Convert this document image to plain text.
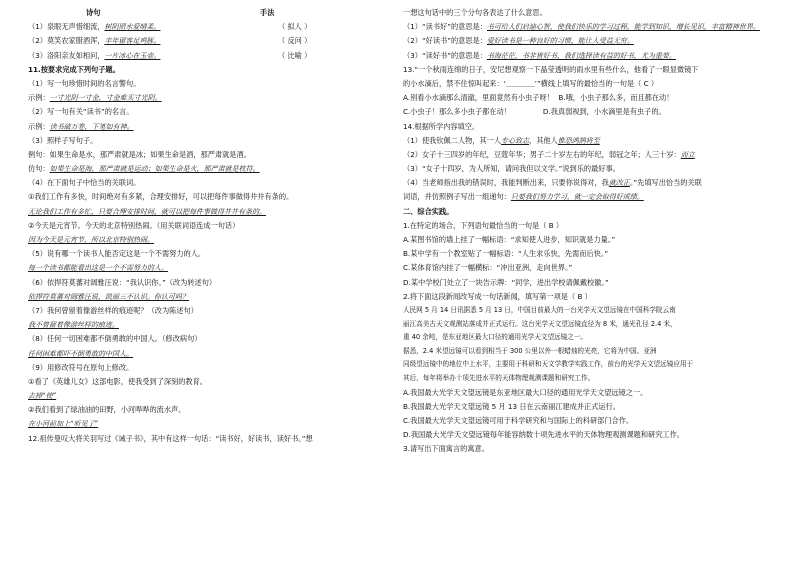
诗句	手法
（1）泉眼无声惜细流，树阴照水爱晴柔。	（ 拟人 ）
（2）莫笑农家腊酒浑，丰年留客足鸡豚。	（ 反问 ）
（3）洛阳亲友如相问，一片冰心在玉壶。	（ 比喻 ）
11.按要求完成下列句子题。
（1）写一句珍惜时间的名言警句。
示例：一寸光阴一寸金，寸金难买寸光阴。
（2）写一句有关“读书”的名言。
示例：读书破万卷，下笔如有神。
（3）照样子写句子。
例句：如果生命是水，那严肃就是冰；如果生命是酒，那严肃就是酒。
仿句：如果生命是海，那严肃就是运动；如果生命是火，那严肃就是枕符。
（4）在下面句子中恰当的关联词。
①我们工作有多快，时间绝对有多紧，合理安排好，可以把每件事做得井井有条的。
无论我们工作有多忙，只要合理安排时间，就可以把每件事做得井井有条的。
②今天是元宵节。今天的北京特别热闹。（用关联词语连成一句话）
因为今天是元宵节，所以北京特别热闹。
（5）说有哪一个读书人能否定这是一个不需努力的人。
每一个读书都能看出这是一个不需努力的人。
（6）依捍符莫蕃对阔雅汪说：“我认识你。”（改为转述句）
依捍符莫蕃对阔雅汪说，凯丽三不认识。你认可吗？
（7）我何曾留着像游丝样的痕迹呢？（改为陈述句）
我不曾留着像游丝样的痕迹。
（8）任何一切困难都不倒勇敢的中国人。（修改病句）
任何困难都吓不倒勇敢的中国人。
（9）用修改符号在原句上修改。
①看了《英雄儿女》这部电影，使我受到了深刻的教育。
去掉“使”
②我们看到了绿油油的田野，小河哗哗的流水声。
在小河前加上“听见了”
12.祖传曼叹大将关羽写过《诫子书》，其中有这样一句话：“读书好，好读书，读好书。”想
一想这句话中的三个分句各表达了什么意思。
（1）“读书好”的意思是：书可给人们启迪心智，使我们快乐的学习过程，能学到知识，增长见识，丰富精神世界。
（2）“好读书”的意思是：爱好读书是一种良好的习惯，能让人受益无穷。
（3）“读好书”的意思是：书海茫茫，书非皆好书，我们选择读有益的好书，尤为重要。
13.“一个秋雨连绵的日子，安尼想观察一下晶莹透明的雨水里有些什么，他看了一眼显微镜下
的小水滴后，禁不住惊叫起来：‘＿＿＿＿’”横线上填写的最恰当的一句是（ C ）
A.别看小水滴那么清澈，里面竟然有小虫子呀！  B.哦，小虫子那么多，而且都在动！
C.小虫子！那么多小虫子都在动！              D.我真弱视到，小水滴里是有虫子的。
14.根据所学内容填空。
（1）使我钦佩二人物，其一人专心致志，其他人惟恐鸿鹄将至
（2）女子十三四岁的年纪，豆蔻年华；男子二十岁左右的年纪，弱冠之年；人三十岁：而立
（3）“女子十四岁，为人所知，请问我但以文学。”说到乐的最好事。
（4）当老师指出我的错误时，我能判断出来，只要你说得对，我就改正。”先填写出恰当的关联
词语，并仿照例子写出一组递句：只要我们努力学习，就一定会取得好成绩。
二、综合实践。
1.在特定的场合，下列语句最恰当的一句是（ B ）
A.某图书馆的墙上挂了一幅标语：“求知使人进步，知识就是力量。”
B.某中学有一个教室贴了一幅标语：“人生求乐快，先需而后快。”
C.某体育馆内挂了一幅横标：“冲出亚洲，走向世界。”
D.某中学校门处立了一块告示牌：“同学，进出学校请佩戴校徽。”
2.将下面这段新闻改写成一句话新闻，填写第一项是（ B ）
人民网 5 月 14 日讯据悉 5 月 13 日，中国目前最大的一台光学天文望远镜在中国科学院云南
丽江高美古天文观测站落成并正式运行。这台光学天文望远镜直径为 8 米，通光孔径 2.4 米，
重 40 余吨，是东亚地区最大口径的通用光学天文望远镜之一。
据悉，2.4 米望远镜可以看到相当于 300 公里以外一根蜡烛的光亮，它将为中国、亚洲
同级望远镜中的地位中上水平，主要用于科研和天文学教学实践工作，前台的光学天文望远镜应用于
其后，每年将举办十项先进水平的天体物理观测课题和研究工作。
A.我国最大光学天文望远镜是东亚地区最大口径的通用光学天文望远镜之一。
B.我国最大光学天文望远镜 5 月 13 日在云南丽江建成并正式运行。
C.我国最大光学天文望远镜可用于科学研究和与国际上的科研部门合作。
D.我国最大光学天文望远镜每年能容纳数十项先进水平的天体物理观测课题和研究工作。
3.请写出下面寓言的寓意。
